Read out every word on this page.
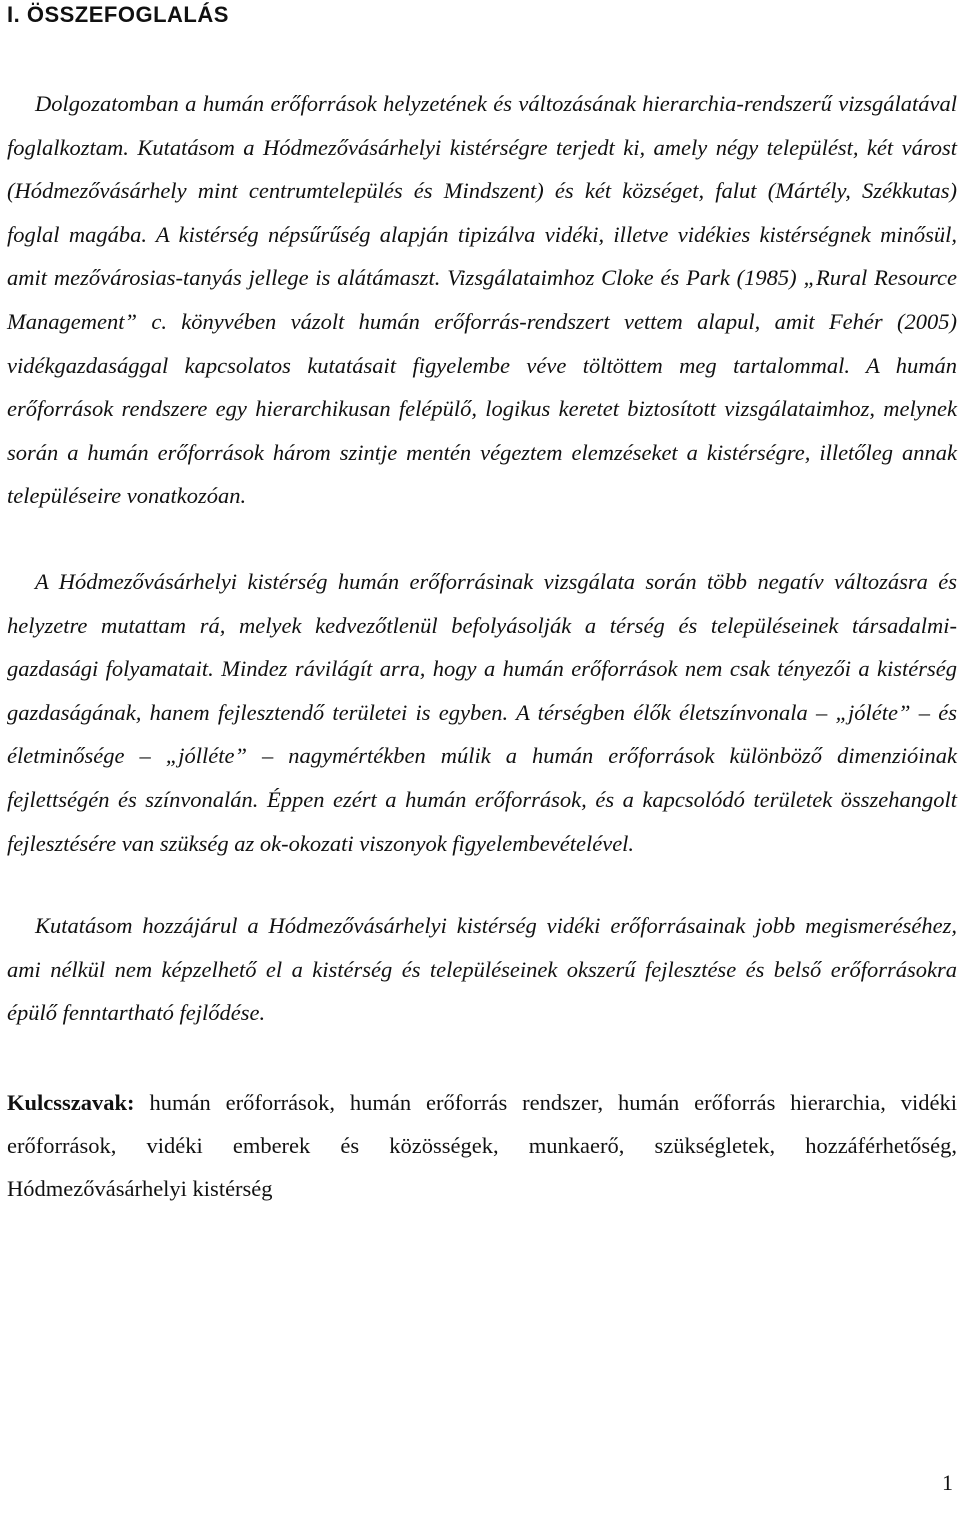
I. ÖSSZEFOGLALÁS

Dolgozatomban a humán erőforrások helyzetének és változásának hierarchia-rendszerű vizsgálatával foglalkoztam. Kutatásom a Hódmezővásárhelyi kistérségre terjedt ki, amely négy települést, két várost (Hódmezővásárhely mint centrumtelepülés és Mindszent) és két községet, falut (Mártély, Székkutas) foglal magába. A kistérség népsűrűség alapján tipizálva vidéki, illetve vidékies kistérségnek minősül, amit mezővárosias-tanyás jellege is alátámaszt. Vizsgálataimhoz Cloke és Park (1985) „Rural Resource Management” c. könyvében vázolt humán erőforrás-rendszert vettem alapul, amit Fehér (2005) vidékgazdasággal kapcsolatos kutatásait figyelembe véve töltöttem meg tartalommal. A humán erőforrások rendszere egy hierarchikusan felépülő, logikus keretet biztosított vizsgálataimhoz, melynek során a humán erőforrások három szintje mentén végeztem elemzéseket a kistérségre, illetőleg annak településeire vonatkozóan.

A Hódmezővásárhelyi kistérség humán erőforrásinak vizsgálata során több negatív változásra és helyzetre mutattam rá, melyek kedvezőtlenül befolyásolják a térség és településeinek társadalmi-gazdasági folyamatait. Mindez rávilágít arra, hogy a humán erőforrások nem csak tényezői a kistérség gazdaságának, hanem fejlesztendő területei is egyben. A térségben élők életszínvonala – „jóléte” – és életminősége – „jólléte” – nagymértékben múlik a humán erőforrások különböző dimenzióinak fejlettségén és színvonalán. Éppen ezért a humán erőforrások, és a kapcsolódó területek összehangolt fejlesztésére van szükség az ok-okozati viszonyok figyelembevételével.

Kutatásom hozzájárul a Hódmezővásárhelyi kistérség vidéki erőforrásainak jobb megismeréséhez, ami nélkül nem képzelhető el a kistérség és településeinek okszerű fejlesztése és belső erőforrásokra épülő fenntartható fejlődése.

Kulcsszavak: humán erőforrások, humán erőforrás rendszer, humán erőforrás hierarchia, vidéki erőforrások, vidéki emberek és közösségek, munkaerő, szükségletek, hozzáférhetőség, Hódmezővásárhelyi kistérség

1
